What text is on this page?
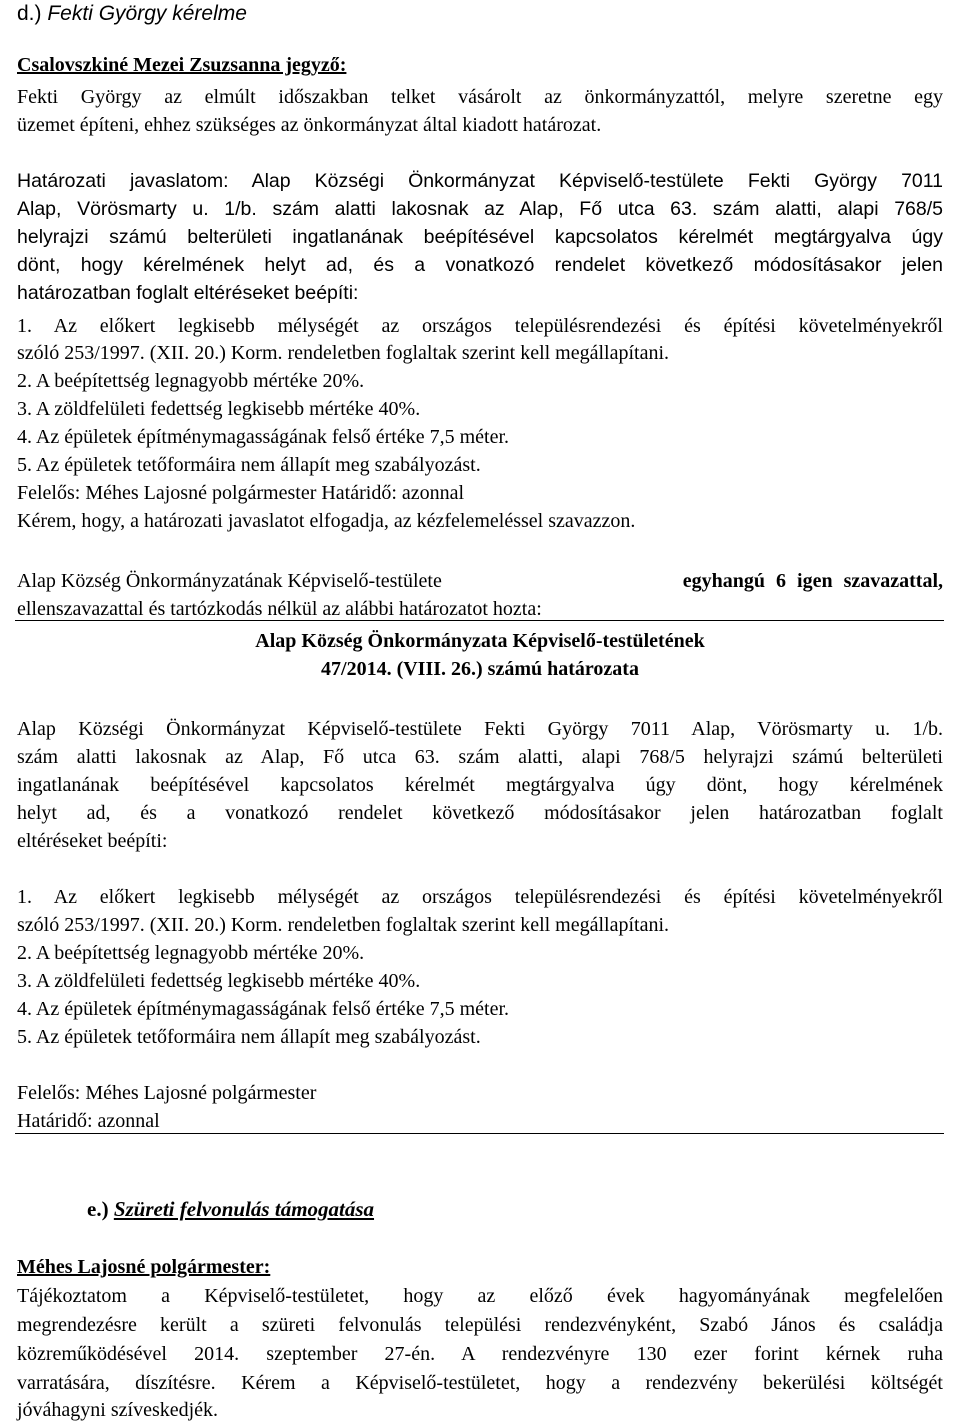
d.) Fekti György kérelme
Csalovszkiné Mezei Zsuzsanna jegyző:
Fekti György az elmúlt időszakban telket vásárolt az önkormányzattól, melyre szeretne egy
üzemet építeni, ehhez szükséges az önkormányzat által kiadott határozat.
Határozati javaslatom: Alap Községi Önkormányzat Képviselő-testülete Fekti György 7011
Alap, Vörösmarty u. 1/b. szám alatti lakosnak az Alap, Fő utca 63. szám alatti, alapi 768/5
helyrajzi számú belterületi ingatlanának beépítésével kapcsolatos kérelmét megtárgyalva úgy
dönt, hogy kérelmének helyt ad, és a vonatkozó rendelet következő módosításakor jelen
határozatban foglalt eltéréseket beépíti:
1. Az előkert legkisebb mélységét az országos településrendezési és építési követelményekről
szóló 253/1997. (XII. 20.) Korm. rendeletben foglaltak szerint kell megállapítani.
2. A beépítettség legnagyobb mértéke 20%.
3. A zöldfelületi fedettség legkisebb mértéke 40%.
4. Az épületek építménymagasságának felső értéke 7,5 méter.
5. Az épületek tetőformáira nem állapít meg szabályozást.
Felelős: Méhes Lajosné polgármester Határidő: azonnal
Kérem, hogy, a határozati javaslatot elfogadja, az kézfelemeléssel szavazzon.
Alap Község Önkormányzatának Képviselő-testülete	egyhangú 6 igen szavazattal,
ellenszavazattal és tartózkodás nélkül az alábbi határozatot hozta:
Alap Község Önkormányzata Képviselő-testületének
47/2014. (VIII. 26.) számú határozata
Alap Községi Önkormányzat Képviselő-testülete Fekti György 7011 Alap, Vörösmarty u. 1/b.
szám alatti lakosnak az Alap, Fő utca 63. szám alatti, alapi 768/5 helyrajzi számú belterületi
ingatlanának beépítésével kapcsolatos kérelmét megtárgyalva úgy dönt, hogy kérelmének
helyt ad, és a vonatkozó rendelet következő módosításakor jelen határozatban foglalt
eltéréseket beépíti:
1. Az előkert legkisebb mélységét az országos településrendezési és építési követelményekről
szóló 253/1997. (XII. 20.) Korm. rendeletben foglaltak szerint kell megállapítani.
2. A beépítettség legnagyobb mértéke 20%.
3. A zöldfelületi fedettség legkisebb mértéke 40%.
4. Az épületek építménymagasságának felső értéke 7,5 méter.
5. Az épületek tetőformáira nem állapít meg szabályozást.
Felelős: Méhes Lajosné polgármester
Határidő: azonnal
e.) Szüreti felvonulás támogatása
Méhes Lajosné polgármester:
Tájékoztatom a Képviselő-testületet, hogy az előző évek hagyományának megfelelően
megrendezésre került a szüreti felvonulás települési rendezvényként, Szabó János és családja
közreműködésével 2014. szeptember 27-én. A rendezvényre 130 ezer forint kérnek ruha
varratására, díszítésre. Kérem a Képviselő-testületet, hogy a rendezvény bekerülési költségét
jóváhagyni szíveskedjék.
